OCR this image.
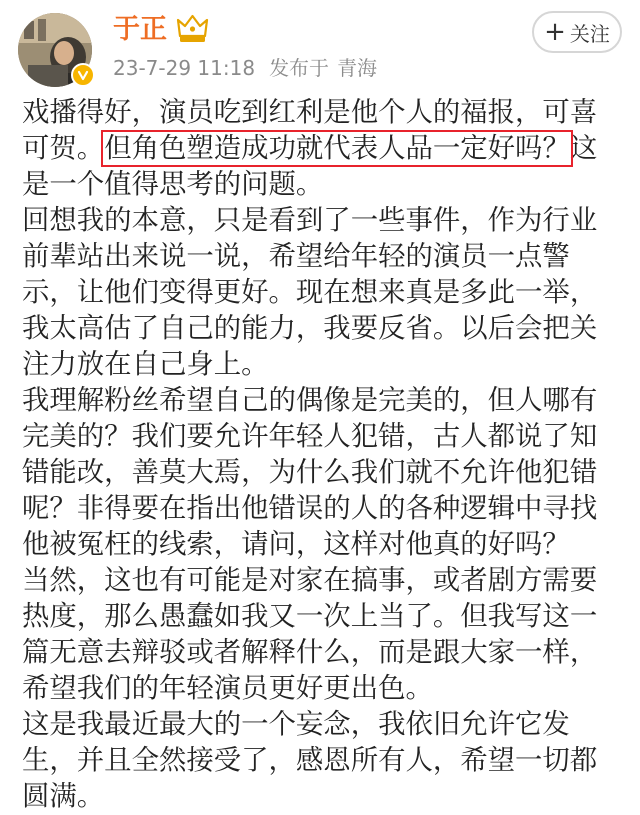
于正
23-7-29 11:18 发布于 青海
+ 关注

戏播得好，演员吃到红利是他个人的福报，可喜可贺。但角色塑造成功就代表人品一定好吗？这是一个值得思考的问题。

回想我的本意，只是看到了一些事件，作为行业前辈站出来说一说，希望给年轻的演员一点警示，让他们变得更好。现在想来真是多此一举，我太高估了自己的能力，我要反省。以后会把关注力放在自己身上。

我理解粉丝希望自己的偶像是完美的，但人哪有完美的？我们要允许年轻人犯错，古人都说了知错能改，善莫大焉，为什么我们就不允许他犯错呢？非得要在指出他错误的人的各种逻辑中寻找他被冤枉的线索，请问，这样对他真的好吗？

当然，这也有可能是对家在搞事，或者剧方需要热度，那么愚蠢如我又一次上当了。但我写这一篇无意去辩驳或者解释什么，而是跟大家一样，希望我们的年轻演员更好更出色。

这是我最近最大的一个妄念，我依旧允许它发生，并且全然接受了，感恩所有人，希望一切都圆满。
